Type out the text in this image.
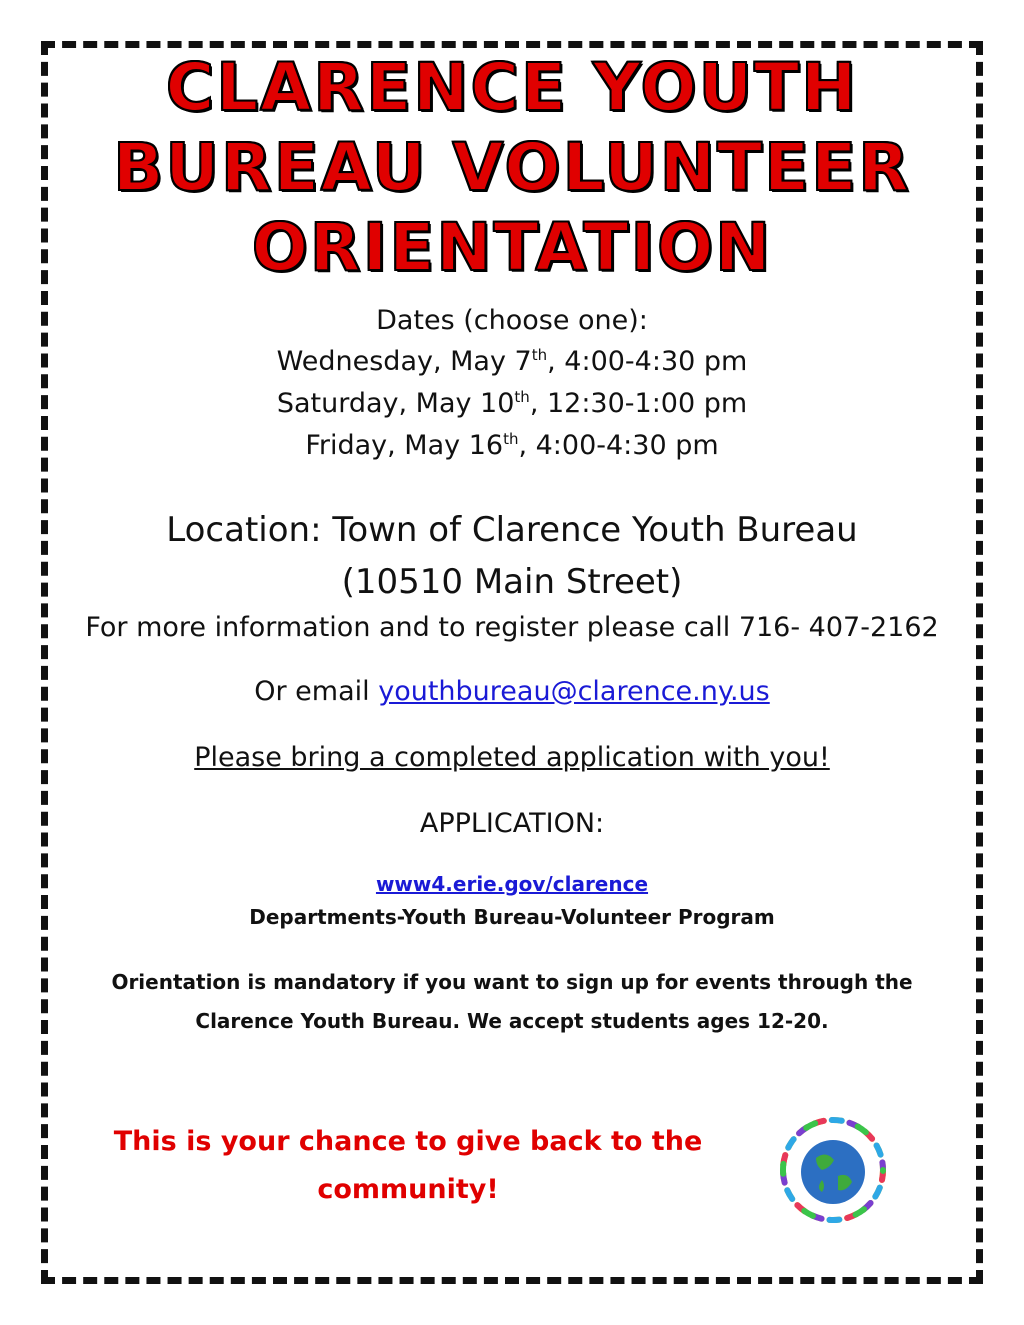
CLARENCE YOUTH
BUREAU VOLUNTEER
ORIENTATION
Dates (choose one):
Wednesday, May 7th, 4:00-4:30 pm
Saturday, May 10th, 12:30-1:00 pm
Friday, May 16th, 4:00-4:30 pm
Location: Town of Clarence Youth Bureau
(10510 Main Street)
For more information and to register please call 716- 407-2162
Or email youthbureau@clarence.ny.us
Please bring a completed application with you!
APPLICATION:
www4.erie.gov/clarence
Departments-Youth Bureau-Volunteer Program
Orientation is mandatory if you want to sign up for events through the
Clarence Youth Bureau. We accept students ages 12-20.
This is your chance to give back to the
community!
